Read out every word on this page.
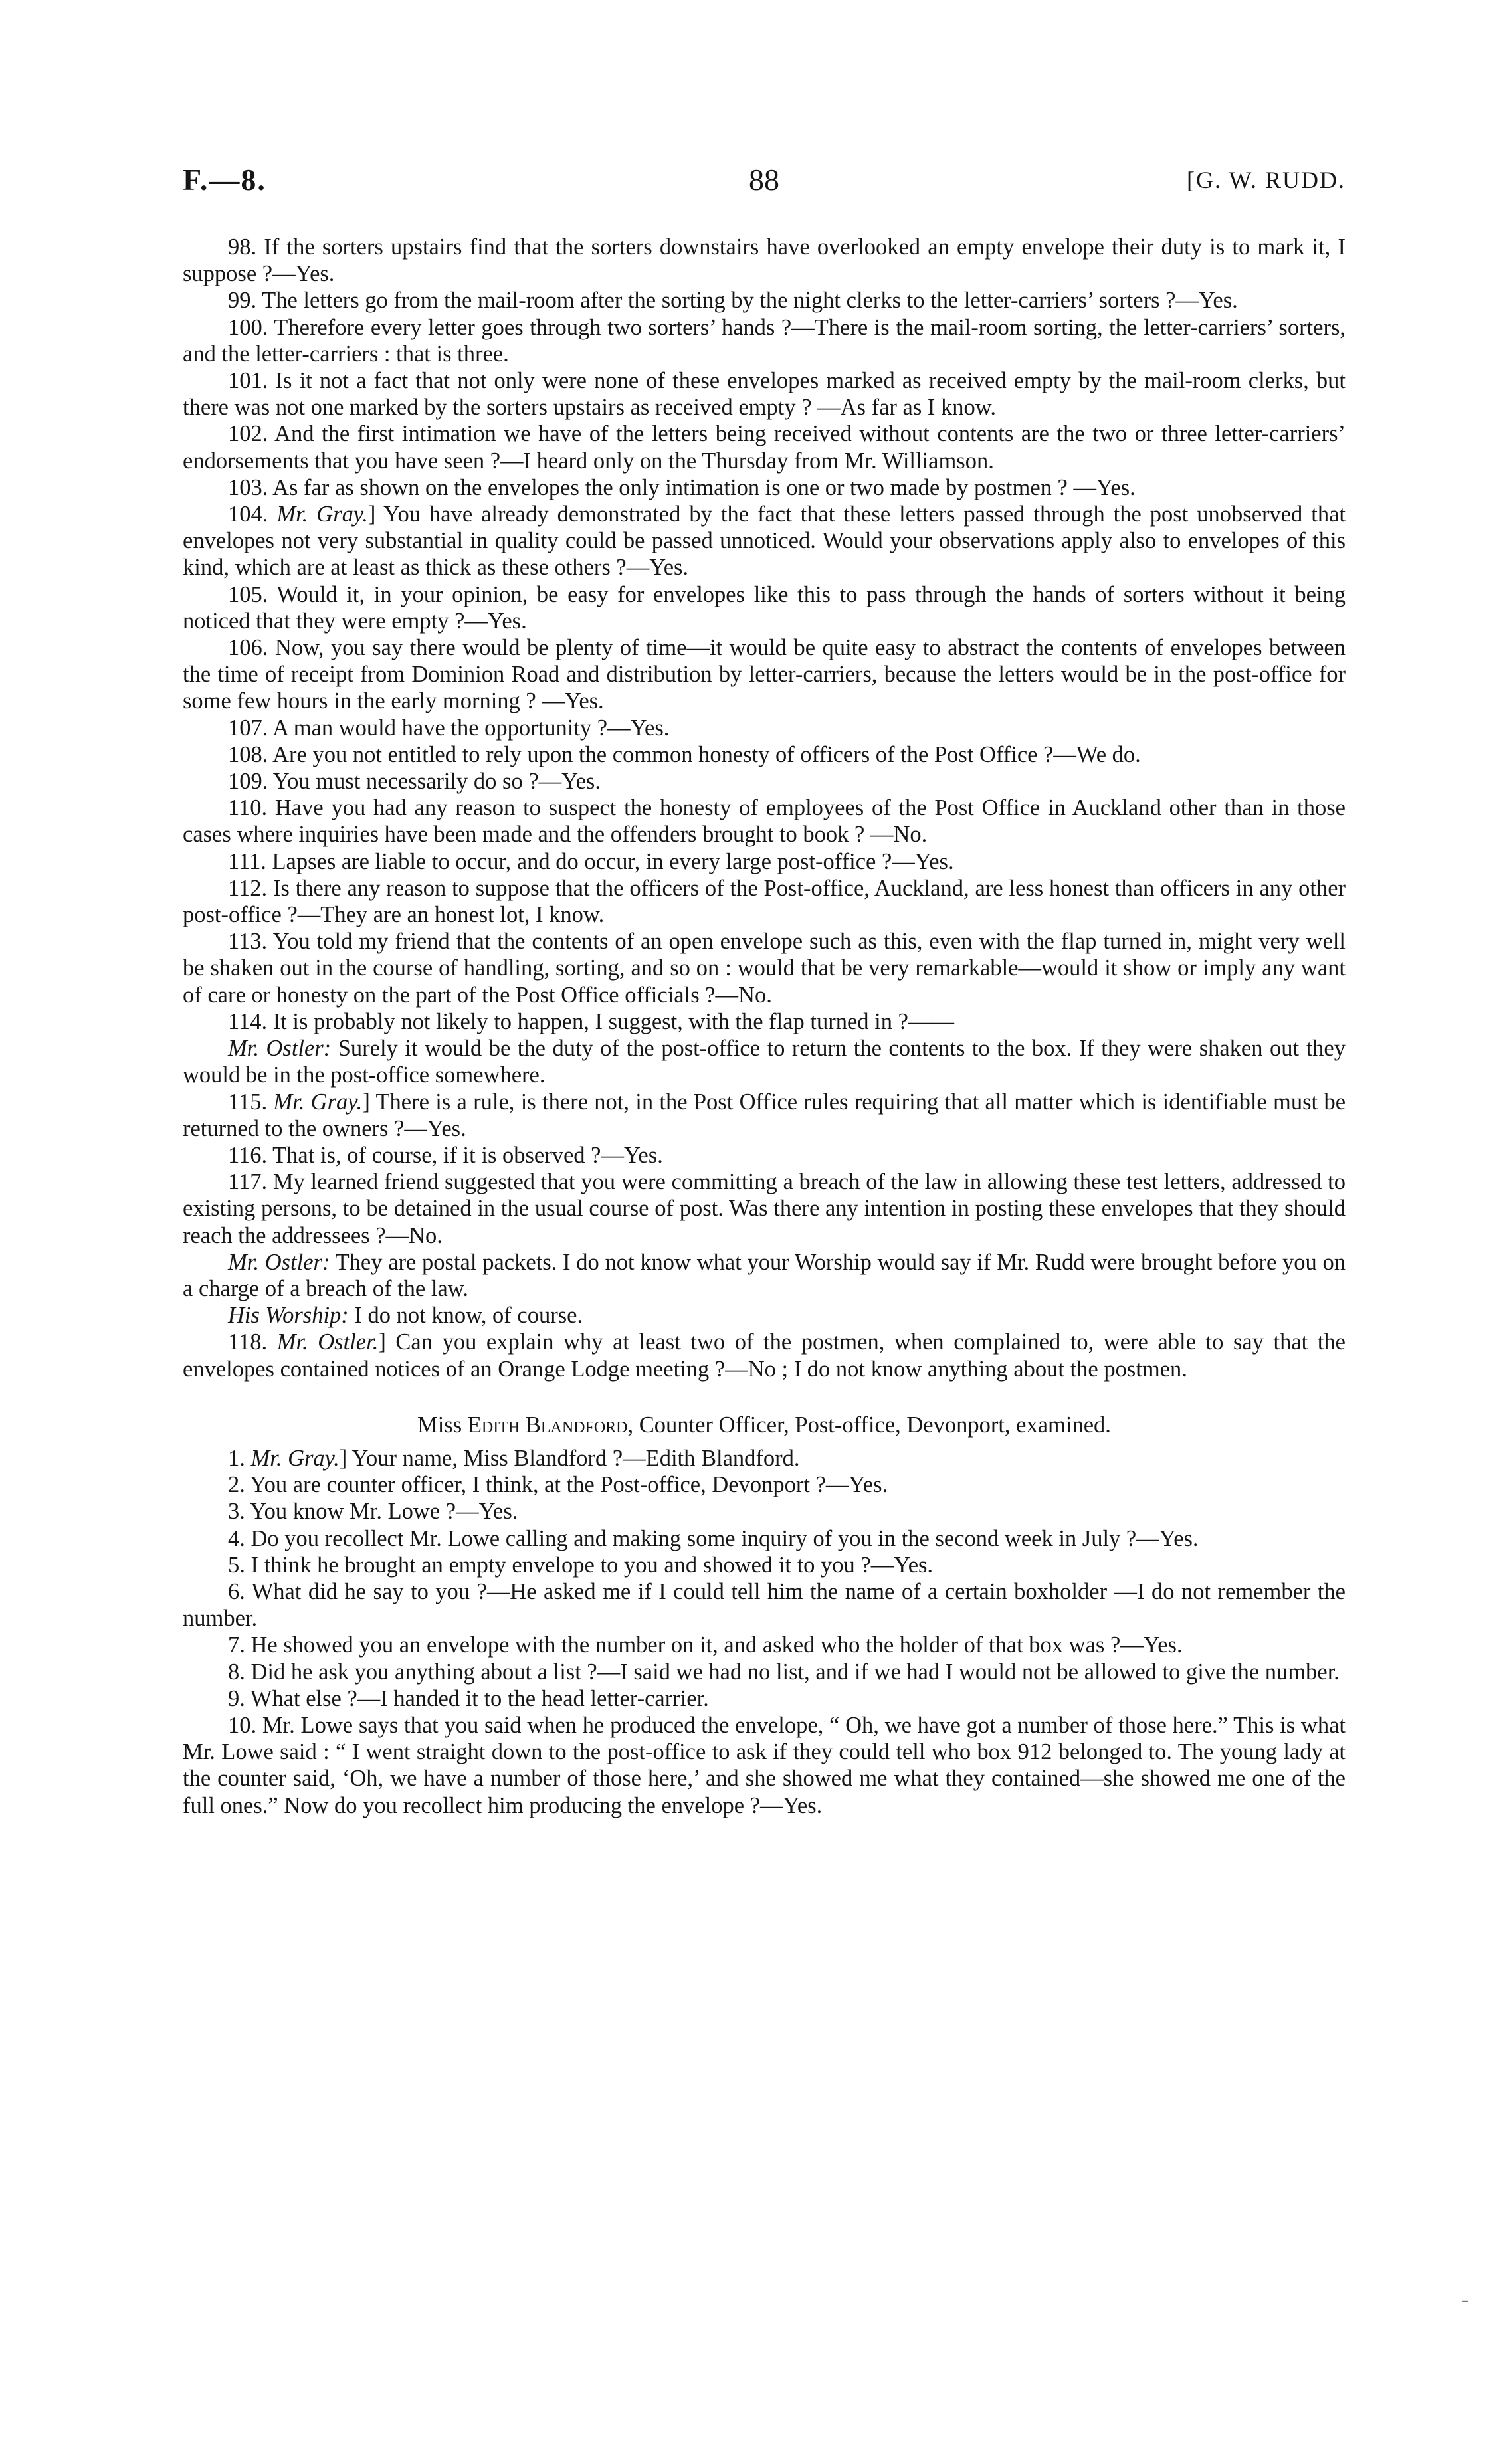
88
F.—8.	[G. W. RUDD.

98. If the sorters upstairs find that the sorters downstairs have overlooked an empty envelope their duty is to mark it, I suppose ?—Yes.

99. The letters go from the mail-room after the sorting by the night clerks to the letter-carriers’ sorters ?—Yes.

100. Therefore every letter goes through two sorters’ hands ?—There is the mail-room sorting, the letter-carriers’ sorters, and the letter-carriers : that is three.

101. Is it not a fact that not only were none of these envelopes marked as received empty by the mail-room clerks, but there was not one marked by the sorters upstairs as received empty ? —As far as I know.

102. And the first intimation we have of the letters being received without contents are the two or three letter-carriers’ endorsements that you have seen ?—I heard only on the Thursday from Mr. Williamson.

103. As far as shown on the envelopes the only intimation is one or two made by postmen ? —Yes.

104. Mr. Gray.] You have already demonstrated by the fact that these letters passed through the post unobserved that envelopes not very substantial in quality could be passed unnoticed. Would your observations apply also to envelopes of this kind, which are at least as thick as these others ?—Yes.

105. Would it, in your opinion, be easy for envelopes like this to pass through the hands of sorters without it being noticed that they were empty ?—Yes.

106. Now, you say there would be plenty of time—it would be quite easy to abstract the contents of envelopes between the time of receipt from Dominion Road and distribution by letter-carriers, because the letters would be in the post-office for some few hours in the early morning ? —Yes.

107. A man would have the opportunity ?—Yes.

108. Are you not entitled to rely upon the common honesty of officers of the Post Office ?—We do.

109. You must necessarily do so ?—Yes.

110. Have you had any reason to suspect the honesty of employees of the Post Office in Auckland other than in those cases where inquiries have been made and the offenders brought to book ? —No.

111. Lapses are liable to occur, and do occur, in every large post-office ?—Yes.

112. Is there any reason to suppose that the officers of the Post-office, Auckland, are less honest than officers in any other post-office ?—They are an honest lot, I know.

113. You told my friend that the contents of an open envelope such as this, even with the flap turned in, might very well be shaken out in the course of handling, sorting, and so on : would that be very remarkable—would it show or imply any want of care or honesty on the part of the Post Office officials ?—No.

114. It is probably not likely to happen, I suggest, with the flap turned in ?——

Mr. Ostler: Surely it would be the duty of the post-office to return the contents to the box. If they were shaken out they would be in the post-office somewhere.

115. Mr. Gray.] There is a rule, is there not, in the Post Office rules requiring that all matter which is identifiable must be returned to the owners ?—Yes.

116. That is, of course, if it is observed ?—Yes.

117. My learned friend suggested that you were committing a breach of the law in allowing these test letters, addressed to existing persons, to be detained in the usual course of post. Was there any intention in posting these envelopes that they should reach the addressees ?—No.

Mr. Ostler: They are postal packets. I do not know what your Worship would say if Mr. Rudd were brought before you on a charge of a breach of the law.

His Worship: I do not know, of course.

118. Mr. Ostler.] Can you explain why at least two of the postmen, when complained to, were able to say that the envelopes contained notices of an Orange Lodge meeting ?—No ; I do not know anything about the postmen.

Miss Edith Blandford, Counter Officer, Post-office, Devonport, examined.

1. Mr. Gray.] Your name, Miss Blandford ?—Edith Blandford.

2. You are counter officer, I think, at the Post-office, Devonport ?—Yes.

3. You know Mr. Lowe ?—Yes.

4. Do you recollect Mr. Lowe calling and making some inquiry of you in the second week in July ?—Yes.

5. I think he brought an empty envelope to you and showed it to you ?—Yes.

6. What did he say to you ?—He asked me if I could tell him the name of a certain boxholder —I do not remember the number.

7. He showed you an envelope with the number on it, and asked who the holder of that box was ?—Yes.

8. Did he ask you anything about a list ?—I said we had no list, and if we had I would not be allowed to give the number.

9. What else ?—I handed it to the head letter-carrier.

10. Mr. Lowe says that you said when he produced the envelope, “ Oh, we have got a number of those here.” This is what Mr. Lowe said : “ I went straight down to the post-office to ask if they could tell who box 912 belonged to. The young lady at the counter said, ‘Oh, we have a number of those here,’ and she showed me what they contained—she showed me one of the full ones.” Now do you recollect him producing the envelope ?—Yes.

-
